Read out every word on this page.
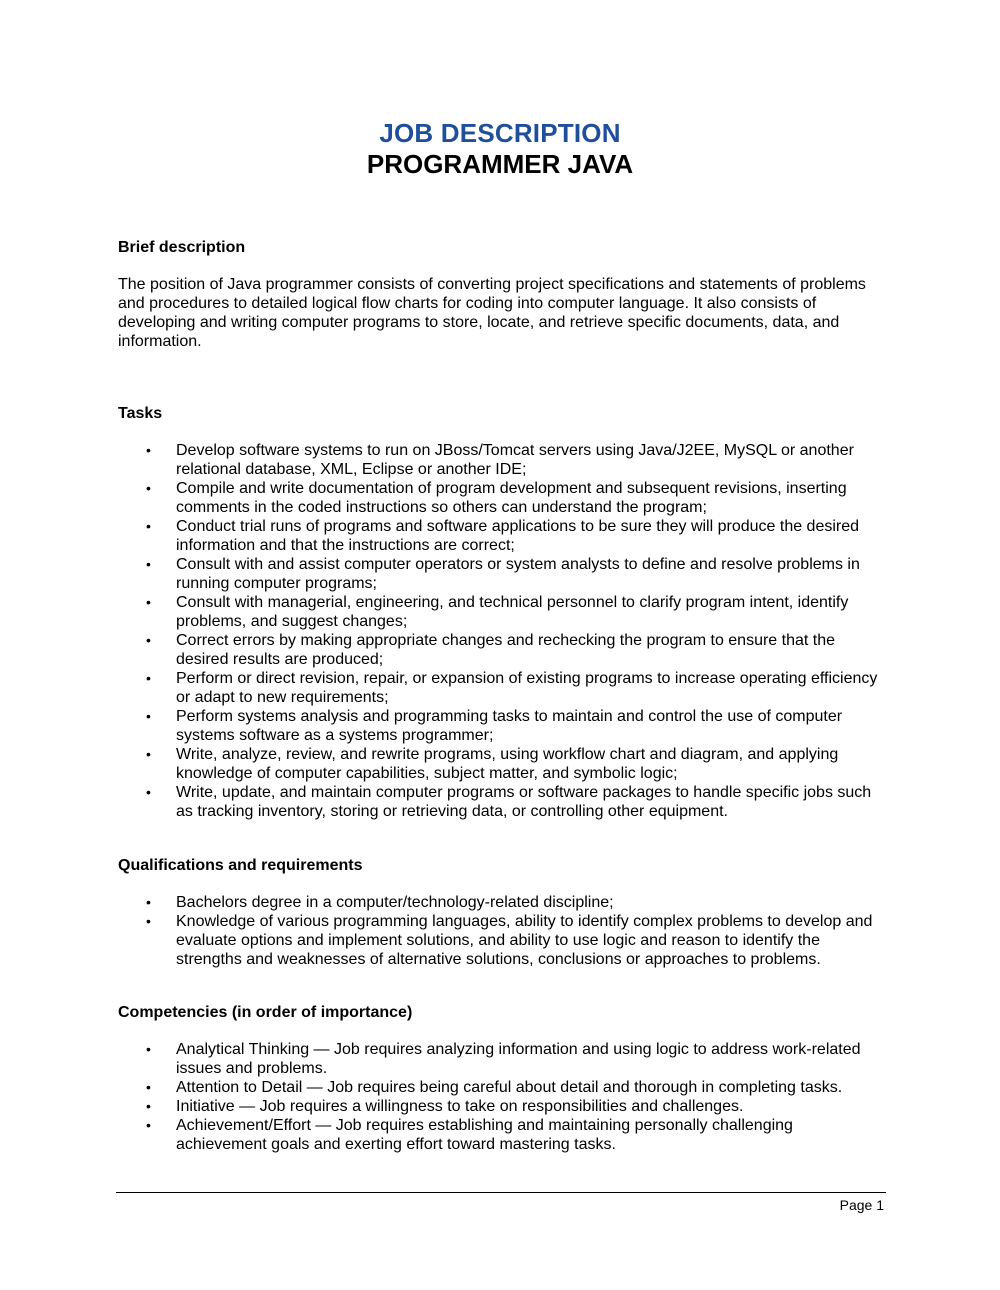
JOB DESCRIPTION
PROGRAMMER JAVA
Brief description

The position of Java programmer consists of converting project specifications and statements of problems and procedures to detailed logical flow charts for coding into computer language. It also consists of developing and writing computer programs to store, locate, and retrieve specific documents, data, and information.

Tasks
• Develop software systems to run on JBoss/Tomcat servers using Java/J2EE, MySQL or another relational database, XML, Eclipse or another IDE;
• Compile and write documentation of program development and subsequent revisions, inserting comments in the coded instructions so others can understand the program;
• Conduct trial runs of programs and software applications to be sure they will produce the desired information and that the instructions are correct;
• Consult with and assist computer operators or system analysts to define and resolve problems in running computer programs;
• Consult with managerial, engineering, and technical personnel to clarify program intent, identify problems, and suggest changes;
• Correct errors by making appropriate changes and rechecking the program to ensure that the desired results are produced;
• Perform or direct revision, repair, or expansion of existing programs to increase operating efficiency or adapt to new requirements;
• Perform systems analysis and programming tasks to maintain and control the use of computer systems software as a systems programmer;
• Write, analyze, review, and rewrite programs, using workflow chart and diagram, and applying knowledge of computer capabilities, subject matter, and symbolic logic;
• Write, update, and maintain computer programs or software packages to handle specific jobs such as tracking inventory, storing or retrieving data, or controlling other equipment.
Qualifications and requirements
• Bachelors degree in a computer/technology-related discipline;
• Knowledge of various programming languages, ability to identify complex problems to develop and evaluate options and implement solutions, and ability to use logic and reason to identify the strengths and weaknesses of alternative solutions, conclusions or approaches to problems.
Competencies (in order of importance)
• Analytical Thinking — Job requires analyzing information and using logic to address work-related issues and problems.
• Attention to Detail — Job requires being careful about detail and thorough in completing tasks.
• Initiative — Job requires a willingness to take on responsibilities and challenges.
• Achievement/Effort — Job requires establishing and maintaining personally challenging achievement goals and exerting effort toward mastering tasks.
Page 1
